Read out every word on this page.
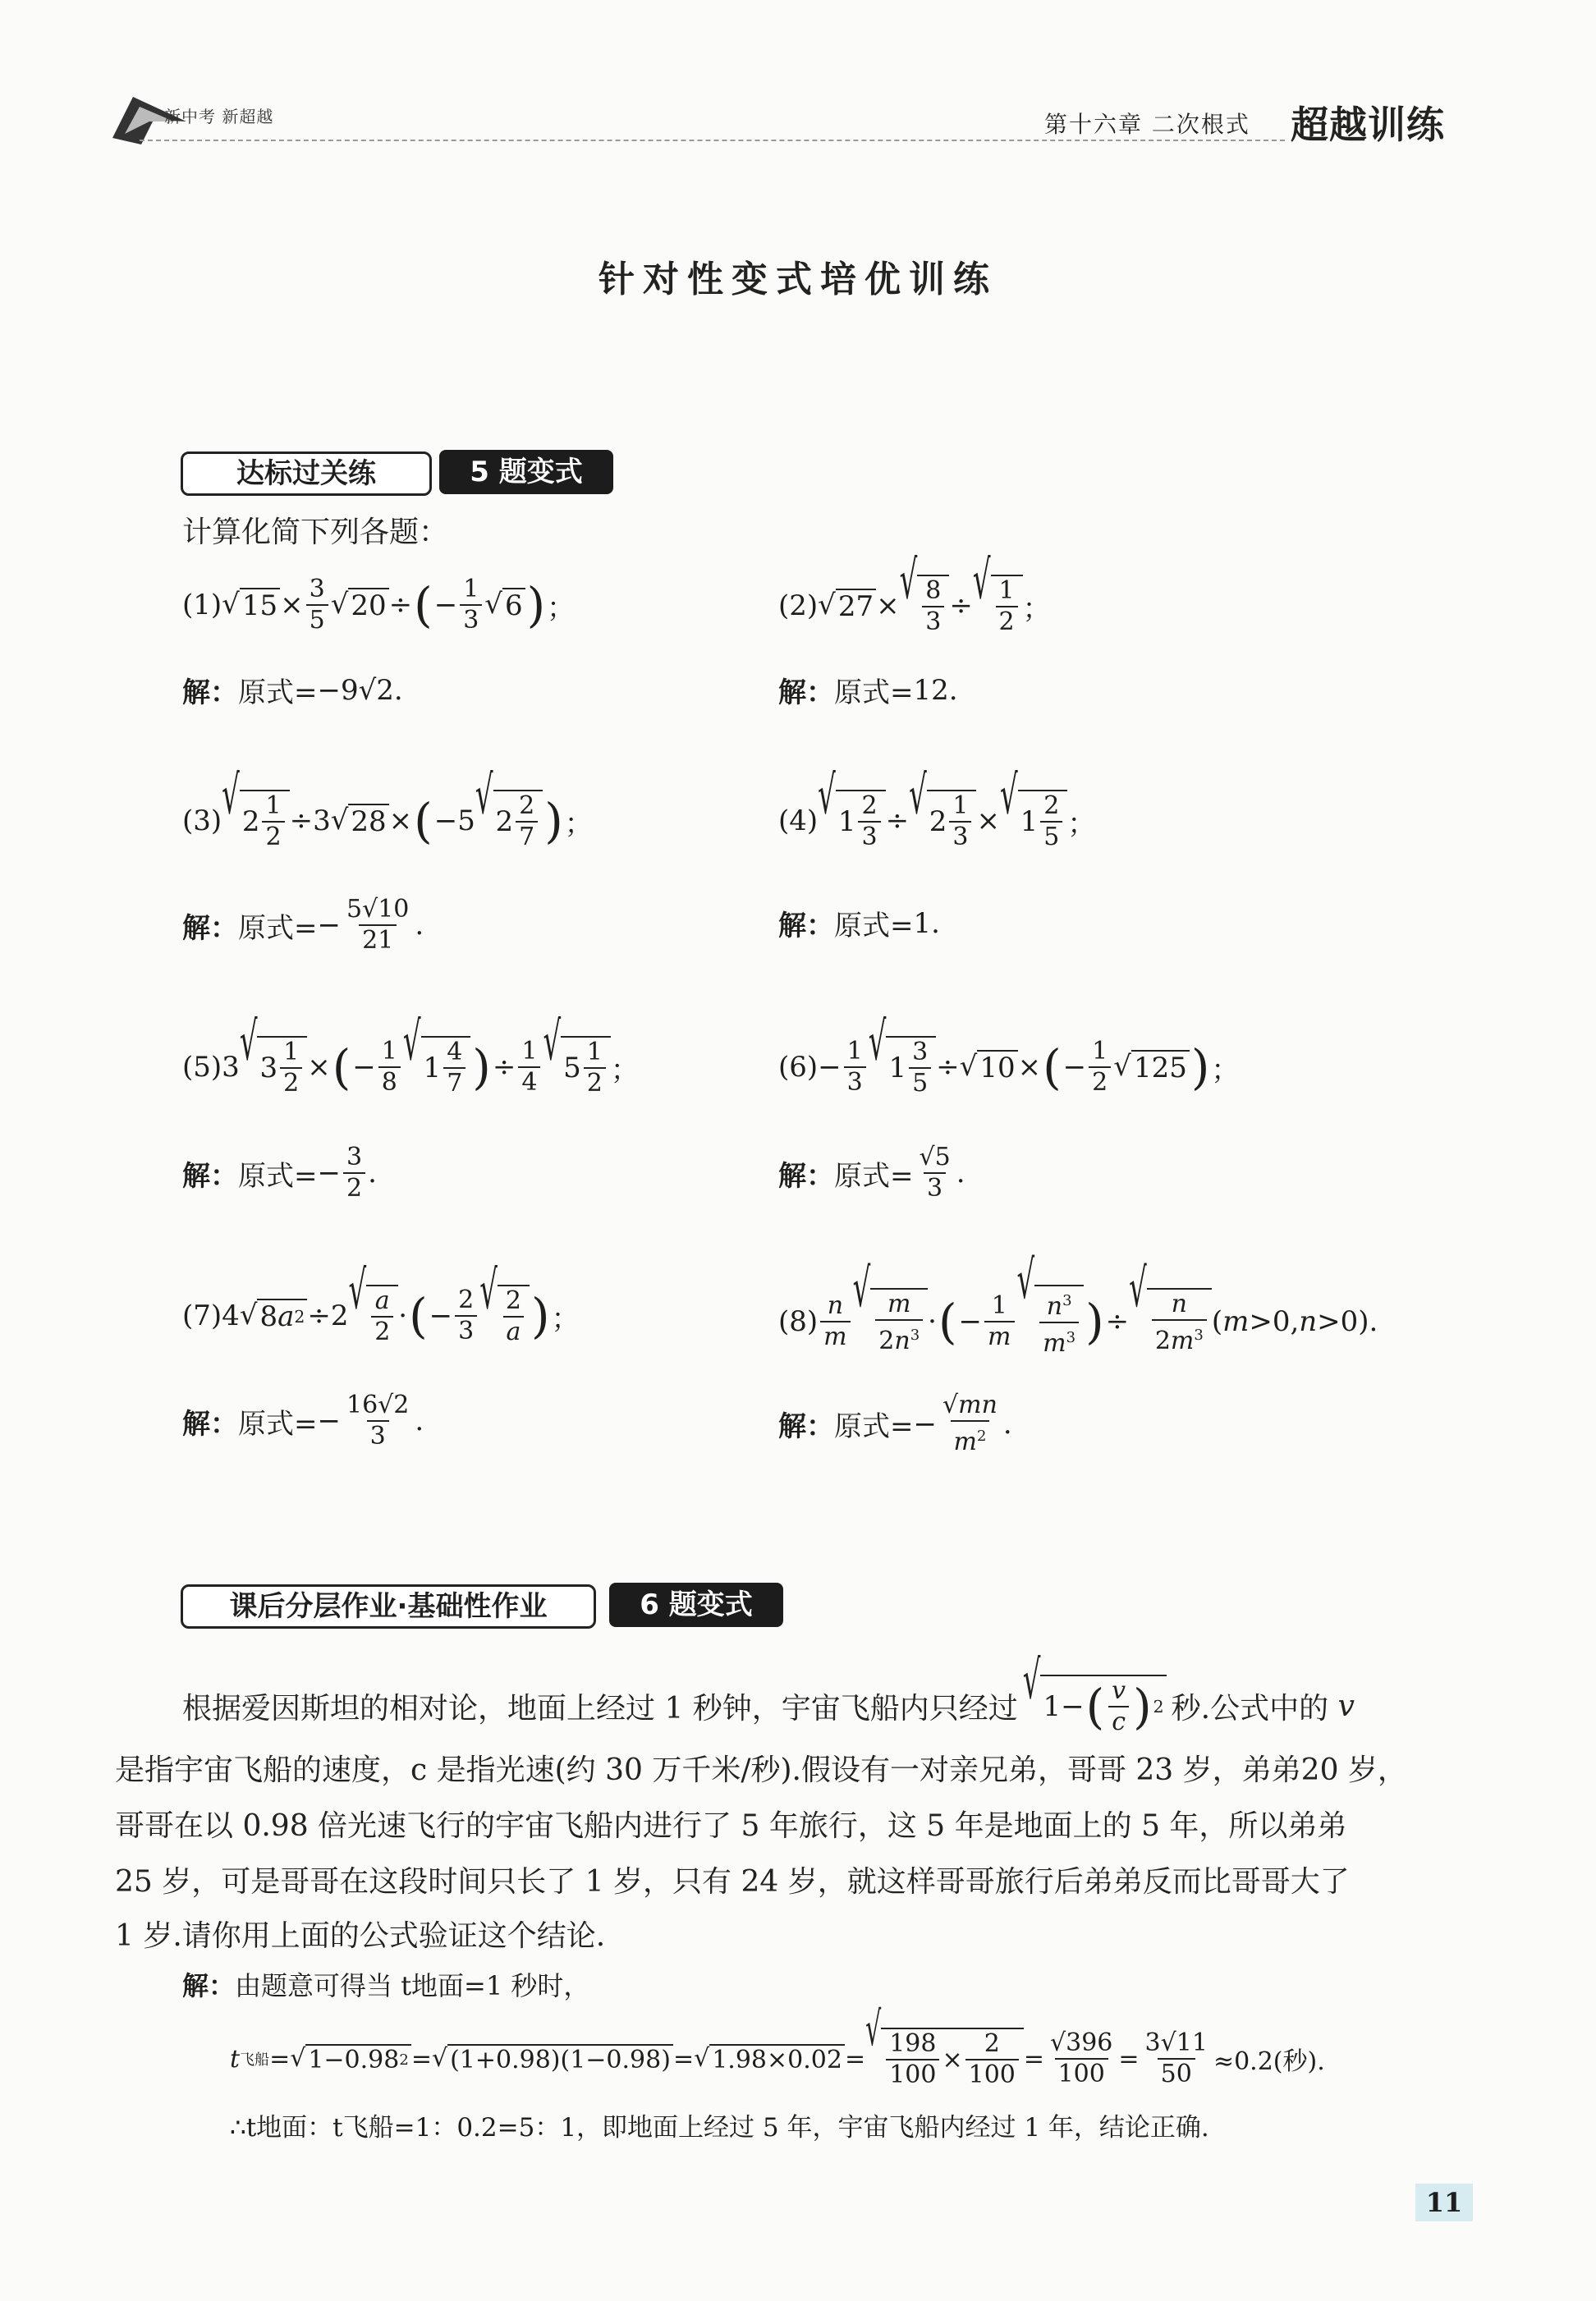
新中考 新超越	第十六章 二次根式 超越训练
针对性变式培优训练
达标过关练	5 题变式
计算化简下列各题：
(1) √ $15 \times \frac{3}{5}$ √ 20 ÷ ( − $\frac{1}{3}$ √ 6 ) ；
解： 原式= −9√2.
(2) √ 27 × √ $\frac{8}{3}$ ÷ √ $\frac{1}{2}$ ；
解： 原式= 12.
(3) √ $2 \frac{1}{2} \div 3$ √ 28 × ( −5 √ $2 \frac{2}{7}$ ) ；
解： 原式= − $\frac{5√10}{21}$ .
(4) √ $1 \frac{2}{3}$ ÷ √ $2 \frac{1}{3}$ × √ $1 \frac{2}{5}$ ；
解： 原式= 1.
(5) 3 √ $3 \frac{1}{2}$ × ( − $\frac{1}{8}$ √ $1 \frac{4}{7}$ ) ÷ $\frac{1}{4}$ √ $5 \frac{1}{2}$ ；
解： 原式= − $\frac{3}{2}$ .
$(6) - \frac{1}{3}$ √ $1 \frac{3}{5}$ ÷ √ 10 × ( − $\frac{1}{2}$ √ 125 ) ；
解： 原式= $\frac{√5}{3}$ .
(7) 4 √ 8 a 2 ÷2 √ $\frac{a}{2}$ · ( − $\frac{2}{3}$ √ $\frac{2}{a}$ ) ；
解： 原式= − $\frac{16√2}{3}$ .
$(8) \frac{n}{m}$
√
$\frac{m}{2n^3}$ · ( − $\frac{1}{m}$
√
$\frac{n^3}{m^3}$ ) ÷
√
$\frac{n}{2m^3}$ ( m >0, n >0).
解： 原式= − $\frac{√mn}{m^2}$ .
课后分层作业·基础性作业	6 题变式
根据爱因斯坦的相对论，地面上经过 1 秒钟，宇宙飞船内只经过 √ 1− ( $\frac{v}{c}$ ) 2 秒.公式中的
v
是指宇宙飞船的速度，c 是指光速(约 30 万千米/秒).假设有一对亲兄弟，哥哥 23 岁，弟弟20 岁，
哥哥在以 0.98 倍光速飞行的宇宙飞船内进行了 5 年旅行，这 5 年是地面上的 5 年，所以弟弟
25 岁，可是哥哥在这段时间只长了 1 岁，只有 24 岁，就这样哥哥旅行后弟弟反而比哥哥大了
1 岁.请你用上面的公式验证这个结论.
解：由题意可得当 t地面=1 秒时，
t 飞船 = √ 1−0.98 2 = √ (1+0.98)(1−0.98) = √ 1.98×0.02 =
√ $\frac{198}{100} \times \frac{2}{100} = \frac{√396}{100} = \frac{3√11}{50} \approx 0.2$(秒).
∴t地面：t飞船=1：0.2=5：1，即地面上经过 5 年，宇宙飞船内经过 1 年，结论正确.
11
